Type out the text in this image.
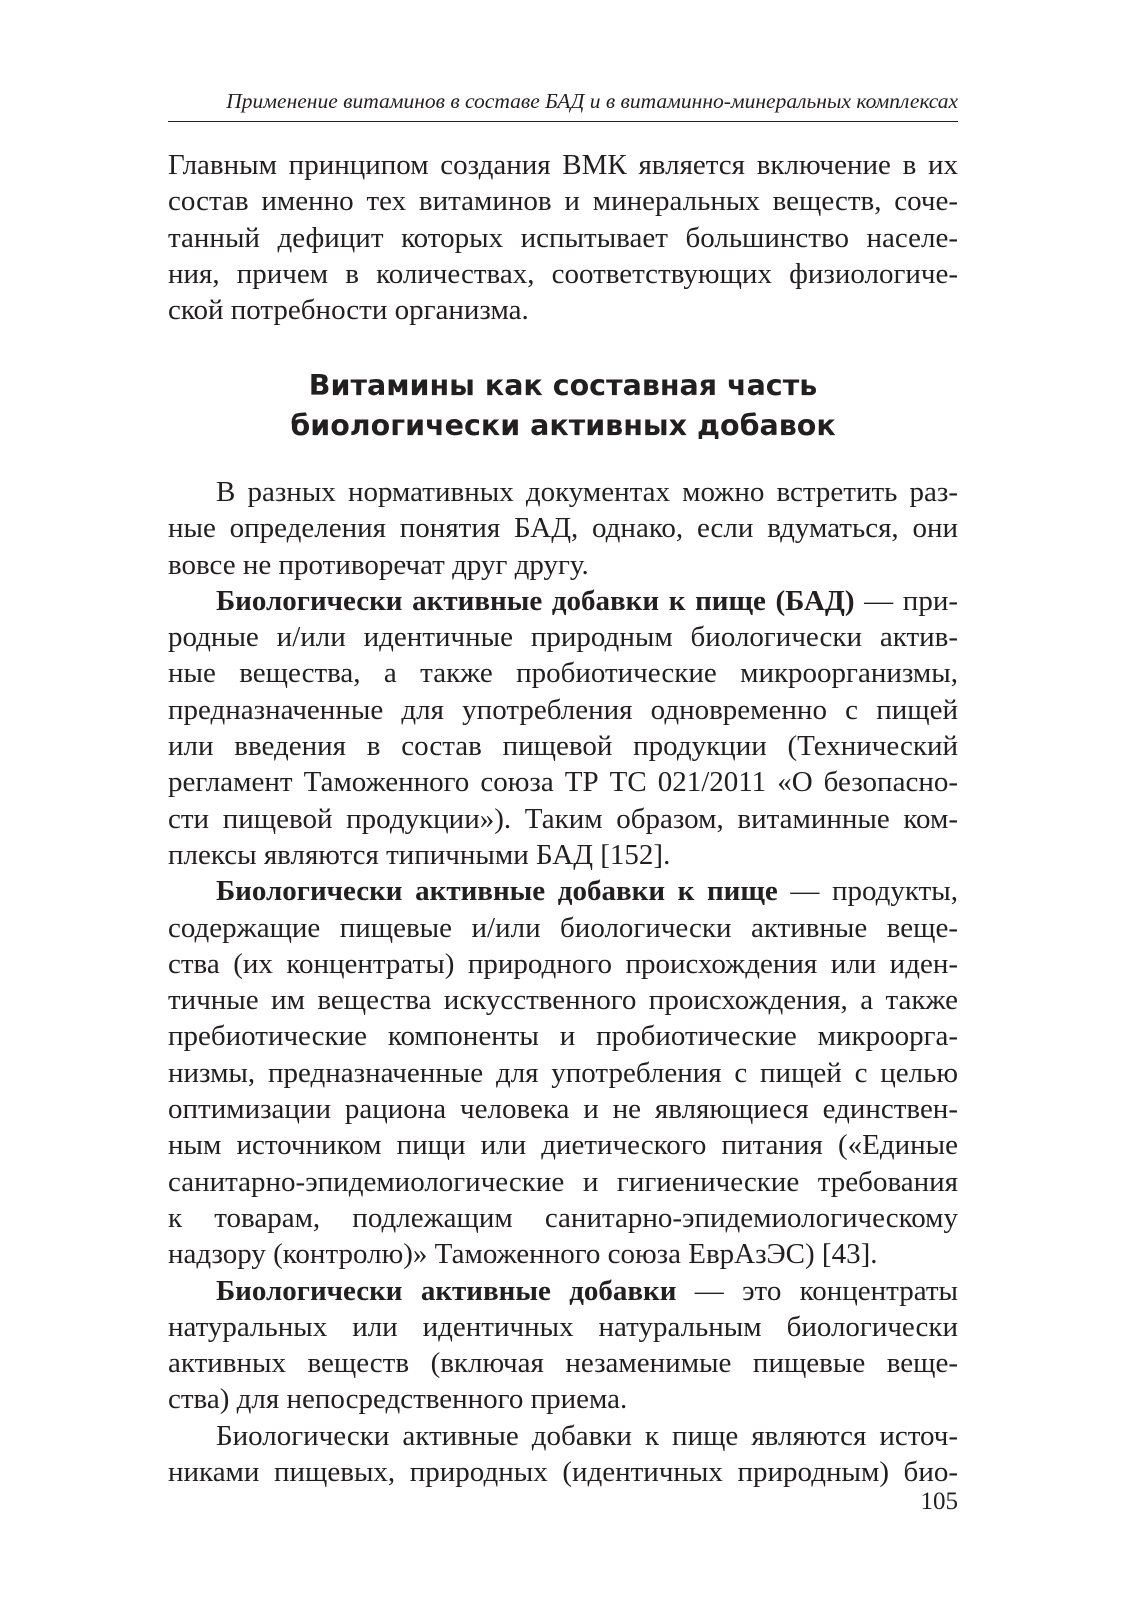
Применение витаминов в составе БАД и в витаминно-минеральных комплексах
Главным принципом создания ВМК является включение в их
состав именно тех витаминов и минеральных веществ, соче-
танный дефицит которых испытывает большинство населе-
ния, причем в количествах, соответствующих физиологиче-
ской потребности организма.
Витамины как составная часть
биологически активных добавок
В разных нормативных документах можно встретить раз-
ные определения понятия БАД, однако, если вдуматься, они
вовсе не противоречат друг другу.
Биологически активные добавки к пище (БАД) — при-
родные и/или идентичные природным биологически актив-
ные вещества, а также пробиотические микроорганизмы,
предназначенные для употребления одновременно с пищей
или введения в состав пищевой продукции (Технический
регламент Таможенного союза ТР ТС 021/2011 «О безопасно-
сти пищевой продукции»). Таким образом, витаминные ком-
плексы являются типичными БАД [152].
Биологически активные добавки к пище — продукты,
содержащие пищевые и/или биологически активные веще-
ства (их концентраты) природного происхождения или иден-
тичные им вещества искусственного происхождения, а также
пребиотические компоненты и пробиотические микроорга-
низмы, предназначенные для употребления с пищей с целью
оптимизации рациона человека и не являющиеся единствен-
ным источником пищи или диетического питания («Единые
санитарно-эпидемиологические и гигиенические требования
к товарам, подлежащим санитарно-эпидемиологическому
надзору (контролю)» Таможенного союза ЕврАзЭС) [43].
Биологически активные добавки — это концентраты
натуральных или идентичных натуральным биологически
активных веществ (включая незаменимые пищевые веще-
ства) для непосредственного приема.
Биологически активные добавки к пище являются источ-
никами пищевых, природных (идентичных природным) био-
105
